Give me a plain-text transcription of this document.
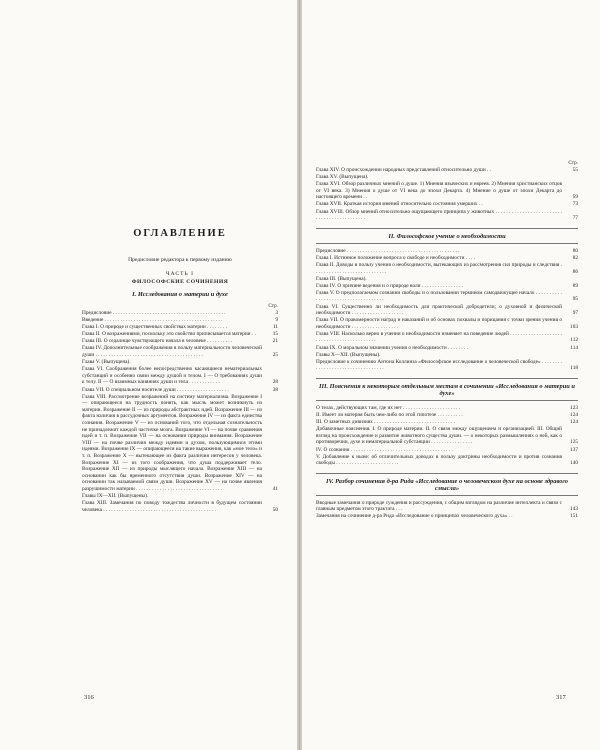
ОГЛАВЛЕНИЕ
Предисловие редактора к первому изданию
ЧАСТЬ I
ФИЛОСОФСКИЕ СОЧИНЕНИЯ
I. Исследования о материи и духе
Стр.
Предисловие . . . . . . . . . . . . . . . . . . . . . . . . . . . . . . . . . . . . . . . . . . .	3
Введение . . . . . . . . . . . . . . . . . . . . . . . . . . . . . . . . . . . . . . . . . . . . .	9
Глава I. О природе и существенных свойствах материи . . . . . . . .	11
Глава II. О возражениями, поскольку это свойство приписывается материи . .	15
Глава III. О седалище чувствующего начала в человеке . . . . . . . . . .	21
Глава IV. Дополнительные соображения в пользу материальности человеческой души . . . . . . . . . . . . . . . . . . . . . . . . . . . . . . . . . . . . . . . . .	25
Глава V. (Выпущена).
Глава VI. Соображения более непосредственно касающиеся нематериальных субстанций и особенно связи между душой и телом. I — О требованиях души к телу. II — О взаимных влияниях души и тела . . . . . . . . . . . .	28
Глава VII. О специальном носителе души . . . . . . . . . . . . . . . . . . . .	38
Глава VIII. Рассмотрение возражений на систему материализма. Возражение I — опирающееся на трудность понять, как мысль может возникнуть из материи. Возражение II — из природы абстрактных идей. Возражение III — из факта наличия в рассудочных аргументов. Возражение IV — из факта единства сознания. Возражение V — из оснований того, что отдельная сознательность не принадлежит каждой частичке мозга. Возражение VI — на почве сравнения идей и т. п. Возражение VII — на основании природы внимания. Возражение VIII — на почве различия между идеями и духом, пользующимися этими идеями. Возражение IX — опирающееся на такие выражения, как «мое тело» и т. п. Возражение X — вытекающее из факта различия интересов у человека. Возражение XI — из того соображения, что душа поддерживает тело. Возражение XII — из природы мыслящего начала. Возражение XIII — на основании как бы временного отсутствия души. Возражение XIV — на основании так называемой связи души. Возражение XV — на почве явления разрушимости материи . . . . . . . . . . . . . . . . . . . . . . . . . . . . . . . . .	41
Главы IX—XII. (Выпущены).
Глава XIII. Замечания по поводу тождества личности в будущем состоянии человека . . . . . . . . . . . . . . . . . . . . . . . . . . . . . . . . . . . . . . . . . . .	50
Стр.
Глава XIV. О происхождении народных представлений относительно души . .	55
Глава XV. (Выпущена).
Глава XVI. Обзор различных мнений о душе. 1) Мнения языческих и евреев. 2) Мнения христианских отцов от VI века. 3) Мнения о душе от VI века до эпохи Декарта. 4) Мнение о душе от эпохи Декарта до настоящего времени . .	59
Глава XVII. Краткая история мнений относительно состояния умерших . .	73
Глава XVIII. Обзор мнений относительно ощущающего принципа у животных . . . . . . . . . . . . . . . . . . . . . . . . . . . . . . . . . . . . . . . . . . . .	77
II. Философское учение о необходимости
Предисловие . . . . . . . . . . . . . . . . . . . . . . . . . . . . . . . . . . . . . . . . . . .	80
Глава I. Истинное положение вопроса о свободе и необходимости . . . .	82
Глава II. Доводы в пользу учения о необходимости, вытекающих из рассмотрения сил природы и следствия . . . . . . . . . . . . . . . . . . . . . . . . . . . .	86
Глава III. (Выпущена).
Глава IV. О причине ведения и о природе воли . . . . . . . . . . . . . . . .	89
Глава V. О предполагаемом сознании свободы и о пользовании термином самодвижущее начало . . . . . . . . . . . . . . . . . . . . . . . . . . . . . . . . . . . .	95
Глава VI. Существенно ли необходимость для практической добродетели; о духовной и физической необходимости . . . . . . . . . . . . . . . . . . . .	97
Глава VII. О правомерности наград и наказаний и об основах похвалы и порицания с точки зрения учения о необходимости . . . . . . . . . . . . . . . . . .	103
Глава VIII. Насколько верно в учении о необходимости изменяет на поведение людей . . . . . . . . . . . . . . . . . . . . . . . . . . . . . . . . . . . . . . . . . . .	112
Глава IX. О моральном значении учения о необходимости . . . . . . . .	114
Главы X—XII. (Выпущены).
Предисловие к сочинению Антона Коллинза «Философское исследование о человеческой свободе» . . . . . . . . . . . . . . . . . . . . . . . . . . . . . . . . . .	118
III. Пояснения к некоторым отдельным местам в сочинении «Исследования о материи и духе»
О телах, действующих там, где их нет . . . . . . . . . . . . . . . . . . . . . .	123
II. Имеет ли материя быть чем-либо по этой гипотезе . . . . . . . . . .	124
III. О заметных дивизиях . . . . . . . . . . . . . . . . . . . . . . . . . . . . . . .	124
Добавочные пояснения. I. О природе материи. II. О связи между ощущением и организацией. III. Общий взгляд на происхождение и развитие животного существа души. — о некоторых размышлениях о ней, как о противоречии, духе и нематериальной субстанции . . . . . . . . . . . . . . . .	125
IV. О сознании . . . . . . . . . . . . . . . . . . . . . . . . . . . . . . . . . . . . . . .	137
V. Добавление к ныне: об отличительных доводах в пользу доктрины необходимости и против сознания свободы . . . . . . . . . . . . . . . . . . . . . . . .	140
IV. Разбор сочинения д-ра Рида «Исследование о человеческом духе на основе здравого смысла»
Вводные замечания о природе суждения и рассуждения, с общим взглядом на различие интеллекта и связи с главным предметом этого трактата . . .	143
Замечания на сочинение д-ра Рида «Исследование о принципах человеческого духа» . .	151
316	317
